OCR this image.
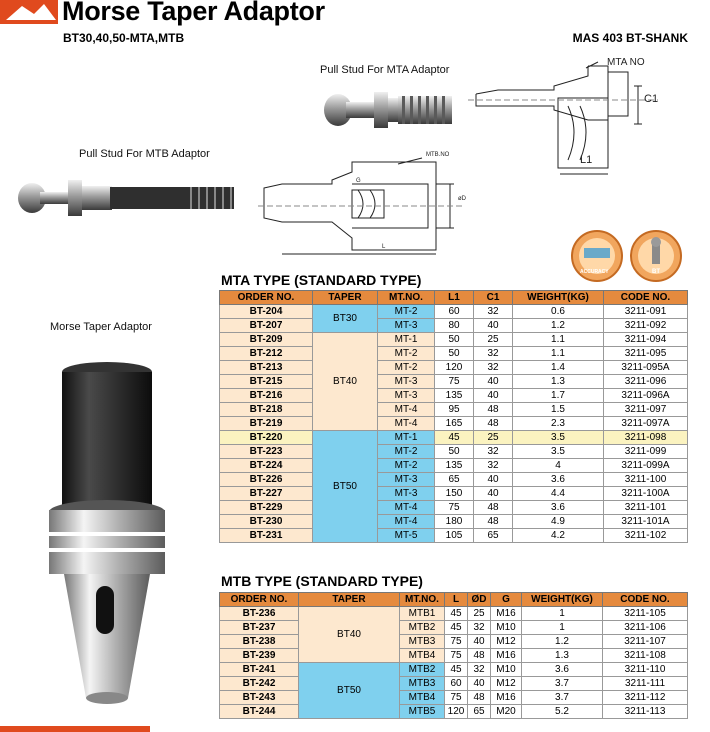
Morse Taper Adaptor
BT30,40,50-MTA,MTB	MAS 403 BT-SHANK
Pull Stud For MTA Adaptor
Pull Stud For MTB Adaptor
Morse Taper Adaptor
MTA NO
C1
L1
MTB.NO
G
øD
L
ACCURACY	BT
MTA TYPE (STANDARD TYPE)
ORDER NO.	TAPER	MT.NO.	L1	C1	WEIGHT(KG)	CODE NO.
BT-204	BT30	MT-2	60	32	0.6	3211-091
BT-207		MT-3	80	40	1.2	3211-092
BT-209	BT40	MT-1	50	25	1.1	3211-094
BT-212		MT-2	50	32	1.1	3211-095
BT-213		MT-2	120	32	1.4	3211-095A
BT-215		MT-3	75	40	1.3	3211-096
BT-216		MT-3	135	40	1.7	3211-096A
BT-218		MT-4	95	48	1.5	3211-097
BT-219		MT-4	165	48	2.3	3211-097A
BT-220	BT50	MT-1	45	25	3.5	3211-098
BT-223		MT-2	50	32	3.5	3211-099
BT-224		MT-2	135	32	4	3211-099A
BT-226		MT-3	65	40	3.6	3211-100
BT-227		MT-3	150	40	4.4	3211-100A
BT-229		MT-4	75	48	3.6	3211-101
BT-230		MT-4	180	48	4.9	3211-101A
BT-231		MT-5	105	65	4.2	3211-102
MTB TYPE (STANDARD TYPE)
ORDER NO.	TAPER	MT.NO.	L	ØD	G	WEIGHT(KG)	CODE NO.
BT-236	BT40	MTB1	45	25	M16	1	3211-105
BT-237		MTB2	45	32	M10	1	3211-106
BT-238		MTB3	75	40	M12	1.2	3211-107
BT-239		MTB4	75	48	M16	1.3	3211-108
BT-241	BT50	MTB2	45	32	M10	3.6	3211-110
BT-242		MTB3	60	40	M12	3.7	3211-111
BT-243		MTB4	75	48	M16	3.7	3211-112
BT-244		MTB5	120	65	M20	5.2	3211-113
